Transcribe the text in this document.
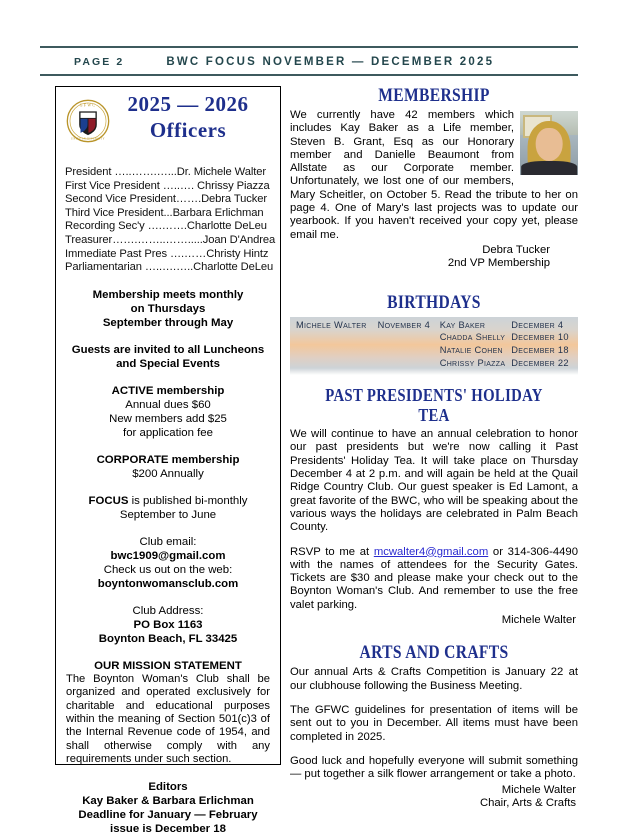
PAGE 2	BWC FOCUS NOVEMBER — DECEMBER 2025
GFWC
UNITY IN DIVERSITY
2025 — 2026
Officers
President …..…….…...Dr. Michele Walter
First Vice President …..…. Chrissy Piazza
Second Vice President…….Debra Tucker
Third Vice President...Barbara Erlichman
Recording Sec'y ….…….Charlotte DeLeu
Treasurer…….……..…….....Joan D'Andrea
Immediate Past Pres ….……Christy Hintz
Parliamentarian …..….…..Charlotte DeLeu
Membership meets monthly
on Thursdays
September through May
Guests are invited to all Luncheons
and Special Events
ACTIVE membership
Annual dues $60
New members add $25
for application fee
CORPORATE membership
$200 Annually
FOCUS is published bi-monthly
September to June
Club email:
bwc1909@gmail.com
Check us out on the web:
boyntonwomansclub.com
Club Address:
PO Box 1163
Boynton Beach, FL 33425
OUR MISSION STATEMENT
The Boynton Woman's Club shall be organized and operated exclusively for charitable and educational purposes within the meaning of Section 501(c)3 of the Internal Revenue code of 1954, and shall otherwise comply with any requirements under such section.
Editors
Kay Baker & Barbara Erlichman
Deadline for January — February
issue is December 18
MEMBERSHIP
We currently have 42 members which includes Kay Baker as a Life member, Steven B. Grant, Esq as our Honorary member and Danielle Beaumont from Allstate as our Corporate member. Unfortunately, we lost one of our members, Mary Scheitler, on October 5. Read the tribute to her on page 4. One of Mary's last projects was to update our yearbook. If you haven't received your copy yet, please email me.
Debra Tucker
2nd VP Membership
BIRTHDAYS
Michele Walter	November 4	Kay Baker	December 4
		Chadda Shelly	December 10
		Natalie Cohen	December 18
		Chrissy Piazza	December 22
PAST PRESIDENTS' HOLIDAY TEA

We will continue to have an annual celebration to honor our past presidents but we're now calling it Past Presidents' Holiday Tea. It will take place on Thursday December 4 at 2 p.m. and will again be held at the Quail Ridge Country Club. Our guest speaker is Ed Lamont, a great favorite of the BWC, who will be speaking about the various ways the holidays are celebrated in Palm Beach County.

RSVP to me at mcwalter4@gmail.com or 314-306-4490 with the names of attendees for the Security Gates. Tickets are $30 and please make your check out to the Boynton Woman's Club. And remember to use the free valet parking.

Michele Walter
ARTS AND CRAFTS

Our annual Arts & Crafts Competition is January 22 at our clubhouse following the Business Meeting.

The GFWC guidelines for presentation of items will be sent out to you in December. All items must have been completed in 2025.

Good luck and hopefully everyone will submit something — put together a silk flower arrangement or take a photo.

Michele Walter
Chair, Arts & Crafts
